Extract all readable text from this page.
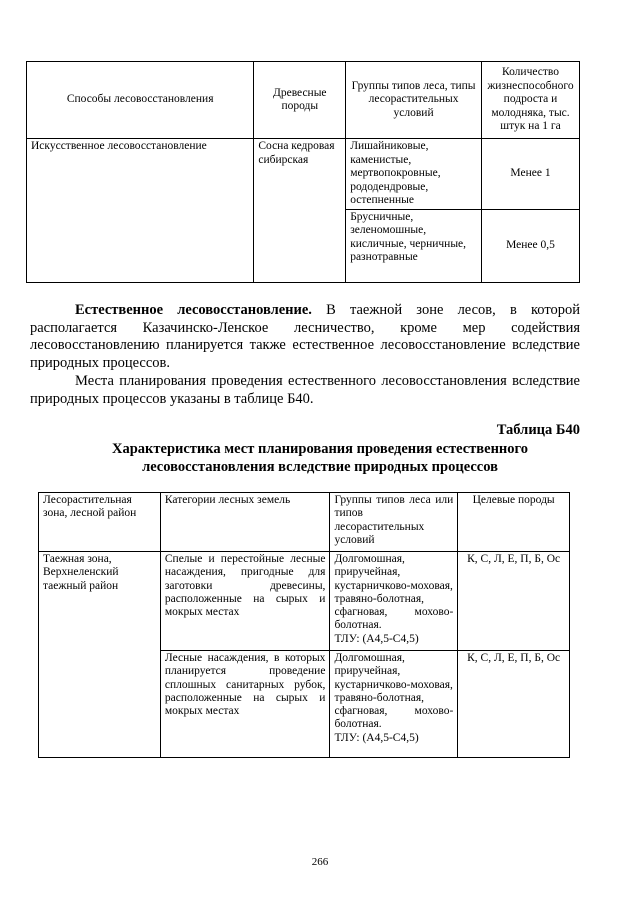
Способы лесовосстановления	Древесные породы	Группы типов леса, типы лесорастительных условий	Количество жизнеспособного подроста и молодняка, тыс. штук на 1 га
Искусственное лесовосстановление	Сосна кедровая сибирская	Лишайниковые, каменистые, мертвопокровные, рододендровые, остепненные	Менее 1
		Брусничные, зеленомошные, кисличные, черничные, разнотравные	Менее 0,5

Естественное лесовосстановление. В таежной зоне лесов, в которой располагается Казачинско-Ленское лесничество, кроме мер содействия лесовосстановлению планируется также естественное лесовосстановление вследствие природных процессов.

Места планирования проведения естественного лесовосстановления вследствие природных процессов указаны в таблице Б40.

Таблица Б40
Характеристика мест планирования проведения естественного лесовосстановления вследствие природных процессов
Лесорастительная зона, лесной район	Категории лесных земель	Группы типов леса или типов лесорастительных условий	Целевые породы
Таежная зона, Верхнеленский таежный район	Спелые и перестойные лесные насаждения, пригодные для заготовки древесины, расположенные на сырых и мокрых местах	Долгомошная, приручейная, кустарничково-моховая, травяно-болотная, сфагновая, мохово-болотная.
ТЛУ: (А4,5-С4,5)	К, С, Л, Е, П, Б, Ос
	Лесные насаждения, в которых планируется проведение сплошных санитарных рубок, расположенные на сырых и мокрых местах	Долгомошная, приручейная, кустарничково-моховая, травяно-болотная, сфагновая, мохово-болотная.
ТЛУ: (А4,5-С4,5)	К, С, Л, Е, П, Б, Ос
266
